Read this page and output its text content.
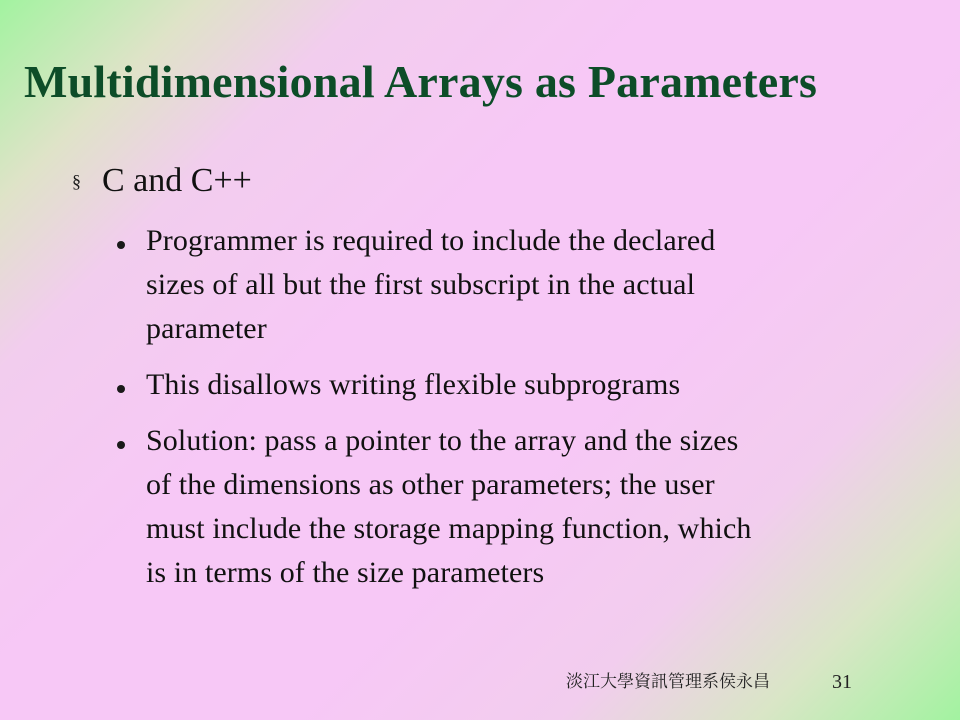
Multidimensional Arrays as Parameters
§ C and C++
Programmer is required to include the declared
sizes of all but the first subscript in the actual
parameter
This disallows writing flexible subprograms
Solution: pass a pointer to the array and the sizes
of the dimensions as other parameters; the user
must include the storage mapping function, which
is in terms of the size parameters
淡江大學資訊管理系侯永昌	31
